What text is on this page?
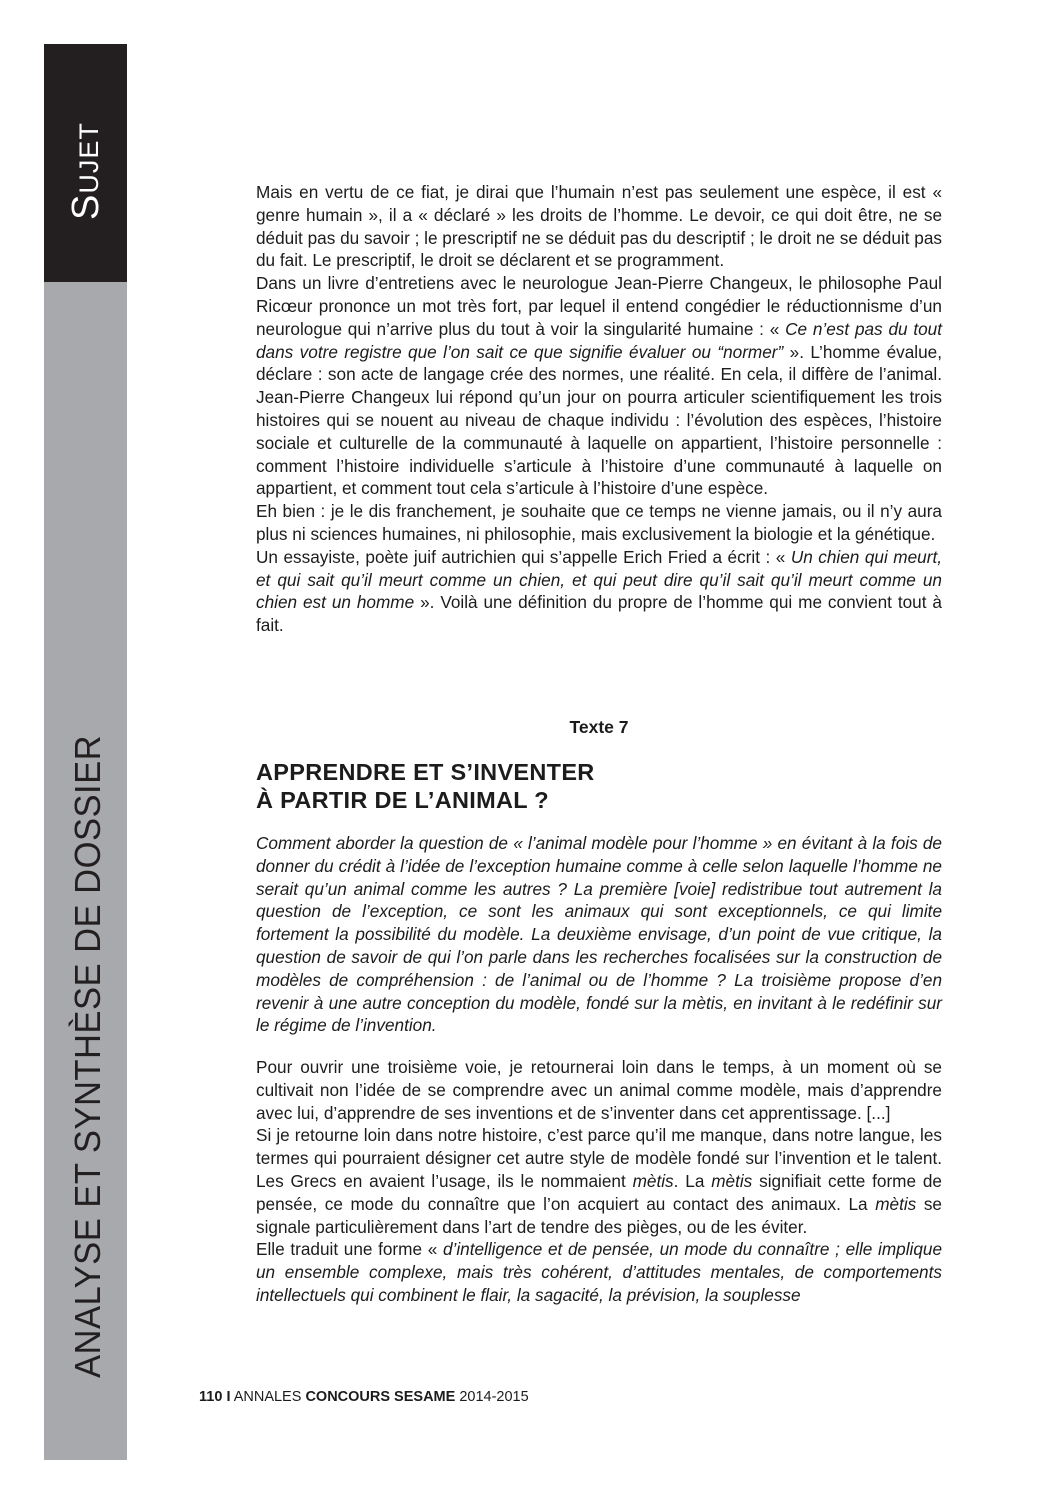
Sujet
ANALYSE ET SYNTHÈSE DE DOSSIER

Mais en vertu de ce fiat, je dirai que l’humain n’est pas seulement une espèce, il est « genre humain », il a « déclaré » les droits de l’homme. Le devoir, ce qui doit être, ne se déduit pas du savoir ; le prescriptif ne se déduit pas du descriptif ; le droit ne se déduit pas du fait. Le prescriptif, le droit se déclarent et se programment.

Dans un livre d’entretiens avec le neurologue Jean-Pierre Changeux, le philosophe Paul Ricœur prononce un mot très fort, par lequel il entend congédier le réductionnisme d’un neurologue qui n’arrive plus du tout à voir la singularité humaine : « Ce n’est pas du tout dans votre registre que l’on sait ce que signifie évaluer ou “normer” ». L’homme évalue, déclare : son acte de langage crée des normes, une réalité. En cela, il diffère de l’animal. Jean-Pierre Changeux lui répond qu’un jour on pourra articuler scientifiquement les trois histoires qui se nouent au niveau de chaque individu : l’évolution des espèces, l’histoire sociale et culturelle de la communauté à laquelle on appartient, l’histoire personnelle : comment l’histoire individuelle s’articule à l’histoire d’une communauté à laquelle on appartient, et comment tout cela s’articule à l’histoire d’une espèce.

Eh bien : je le dis franchement, je souhaite que ce temps ne vienne jamais, ou il n’y aura plus ni sciences humaines, ni philosophie, mais exclusivement la biologie et la génétique.

Un essayiste, poète juif autrichien qui s’appelle Erich Fried a écrit : « Un chien qui meurt, et qui sait qu’il meurt comme un chien, et qui peut dire qu’il sait qu’il meurt comme un chien est un homme ». Voilà une définition du propre de l’homme qui me convient tout à fait.

Texte 7
APPRENDRE ET S’INVENTER
À PARTIR DE L’ANIMAL ?

Comment aborder la question de « l’animal modèle pour l’homme » en évitant à la fois de donner du crédit à l’idée de l’exception humaine comme à celle selon laquelle l’homme ne serait qu’un animal comme les autres ? La première [voie] redistribue tout autrement la question de l’exception, ce sont les animaux qui sont exceptionnels, ce qui limite fortement la possibilité du modèle. La deuxième envisage, d’un point de vue critique, la question de savoir de qui l’on parle dans les recherches focalisées sur la construction de modèles de compréhension : de l’animal ou de l’homme ? La troisième propose d’en revenir à une autre conception du modèle, fondé sur la mètis, en invitant à le redéfinir sur le régime de l’invention.

Pour ouvrir une troisième voie, je retournerai loin dans le temps, à un moment où se cultivait non l’idée de se comprendre avec un animal comme modèle, mais d’apprendre avec lui, d’apprendre de ses inventions et de s’inventer dans cet apprentissage. [...]

Si je retourne loin dans notre histoire, c’est parce qu’il me manque, dans notre langue, les termes qui pourraient désigner cet autre style de modèle fondé sur l’invention et le talent. Les Grecs en avaient l’usage, ils le nommaient mètis. La mètis signifiait cette forme de pensée, ce mode du connaître que l’on acquiert au contact des animaux. La mètis se signale particulièrement dans l’art de tendre des pièges, ou de les éviter.

Elle traduit une forme « d’intelligence et de pensée, un mode du connaître ; elle implique un ensemble complexe, mais très cohérent, d’attitudes mentales, de comportements intellectuels qui combinent le flair, la sagacité, la prévision, la souplesse

110 I ANNALES CONCOURS SESAME 2014-2015
